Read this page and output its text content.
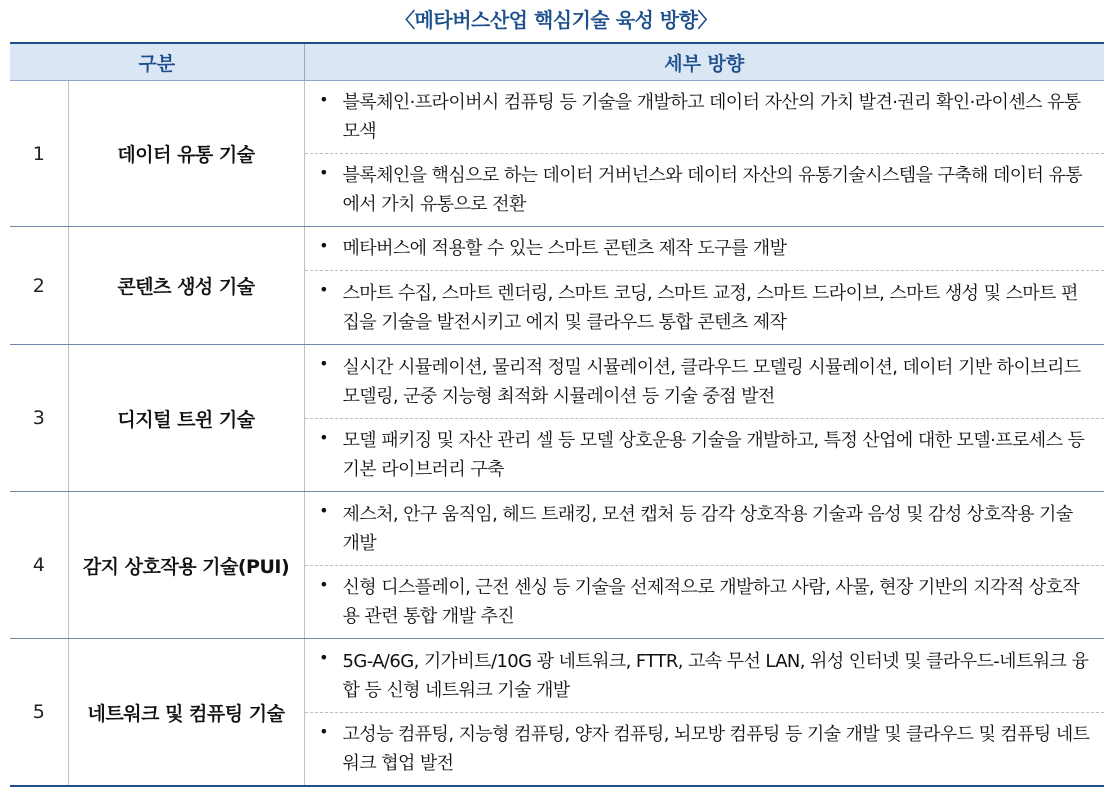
〈메타버스산업 핵심기술 육성 방향〉
구분		세부 방향
1	데이터 유통 기술	• 블록체인·프라이버시 컴퓨팅 등 기술을 개발하고 데이터 자산의 가치 발견·권리 확인·라이센스 유통 모색
• 블록체인을 핵심으로 하는 데이터 거버넌스와 데이터 자산의 유통기술시스템을 구축해 데이터 유통에서 가치 유통으로 전환

2	콘텐츠 생성 기술	• 메타버스에 적용할 수 있는 스마트 콘텐츠 제작 도구를 개발
• 스마트 수집, 스마트 렌더링, 스마트 코딩, 스마트 교정, 스마트 드라이브, 스마트 생성 및 스마트 편집을 기술을 발전시키고 에지 및 클라우드 통합 콘텐츠 제작

3	디지털 트윈 기술	• 실시간 시뮬레이션, 물리적 정밀 시뮬레이션, 클라우드 모델링 시뮬레이션, 데이터 기반 하이브리드 모델링, 군중 지능형 최적화 시뮬레이션 등 기술 중점 발전
• 모델 패키징 및 자산 관리 셀 등 모델 상호운용 기술을 개발하고, 특정 산업에 대한 모델·프로세스 등 기본 라이브러리 구축

4	감지 상호작용 기술(PUI)	• 제스처, 안구 움직임, 헤드 트래킹, 모션 캡처 등 감각 상호작용 기술과 음성 및 감성 상호작용 기술 개발
• 신형 디스플레이, 근전 센싱 등 기술을 선제적으로 개발하고 사람, 사물, 현장 기반의 지각적 상호작용 관련 통합 개발 추진

5	네트워크 및 컴퓨팅 기술	• 5G-A/6G, 기가비트/10G 광 네트워크, FTTR, 고속 무선 LAN, 위성 인터넷 및 클라우드-네트워크 융합 등 신형 네트워크 기술 개발
• 고성능 컴퓨팅, 지능형 컴퓨팅, 양자 컴퓨팅, 뇌모방 컴퓨팅 등 기술 개발 및 클라우드 및 컴퓨팅 네트워크 협업 발전
